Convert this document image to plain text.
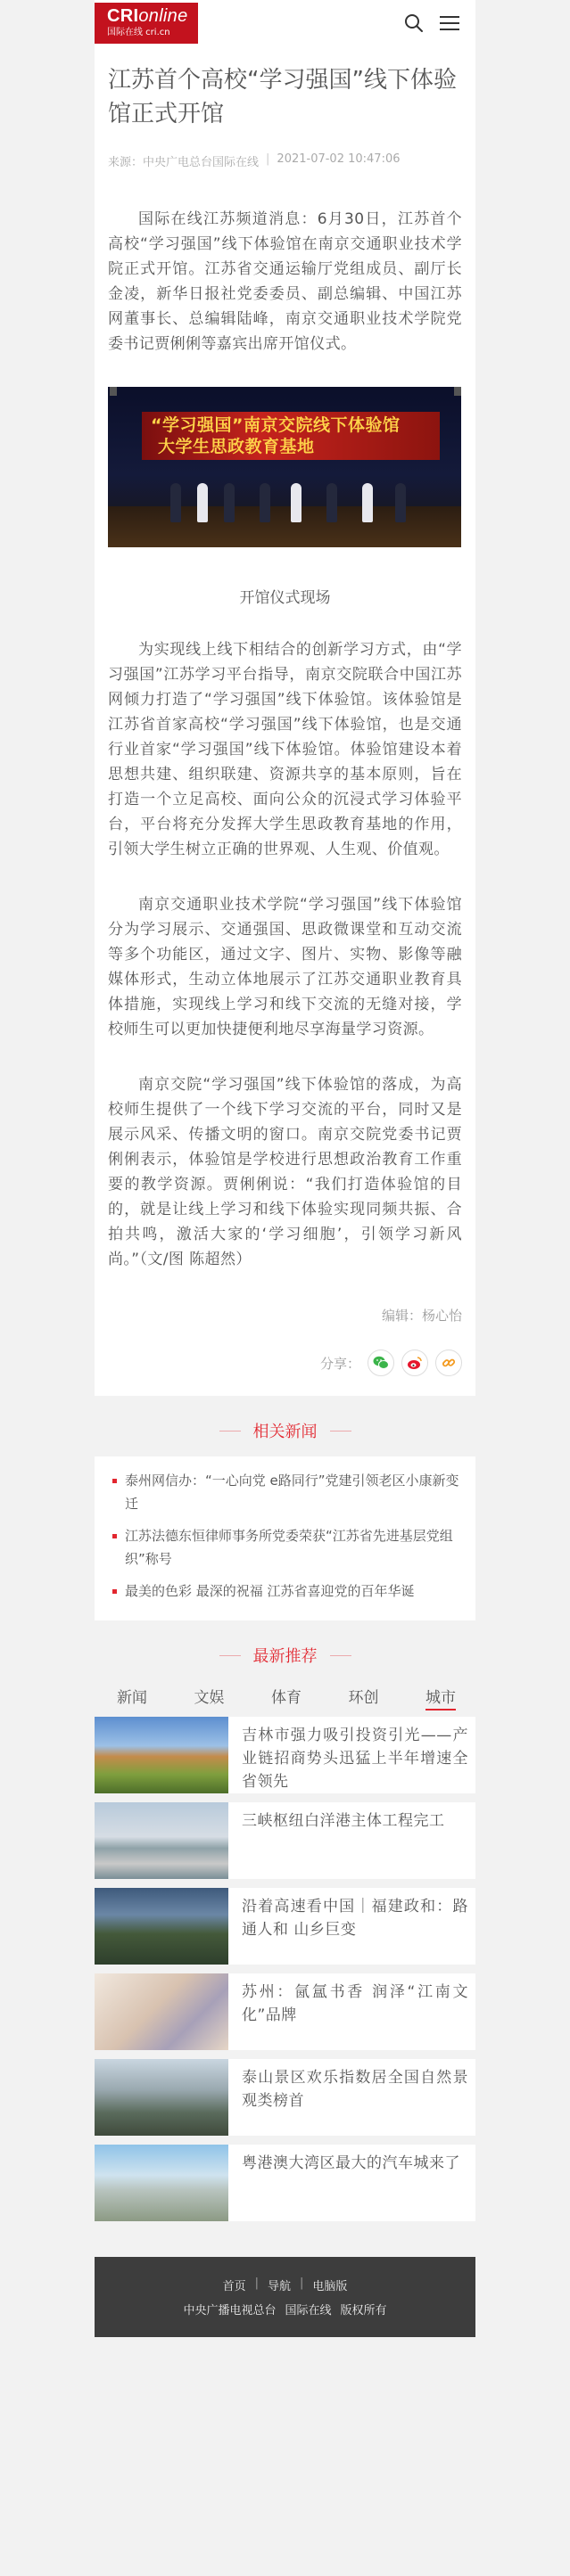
CRIonline
国际在线 cri.cn
江苏首个高校“学习强国”线下体验馆正式开馆
来源：中央广电总台国际在线 | 2021-07-02 10:47:06

国际在线江苏频道消息：6月30日，江苏首个高校“学习强国”线下体验馆在南京交通职业技术学院正式开馆。江苏省交通运输厅党组成员、副厅长金凌，新华日报社党委委员、副总编辑、中国江苏网董事长、总编辑陆峰，南京交通职业技术学院党委书记贾俐俐等嘉宾出席开馆仪式。

“学习强国”南京交院线下体验馆
大学生思政教育基地

开馆仪式现场

为实现线上线下相结合的创新学习方式，由“学习强国”江苏学习平台指导，南京交院联合中国江苏网倾力打造了“学习强国”线下体验馆。该体验馆是江苏省首家高校“学习强国”线下体验馆，也是交通行业首家“学习强国”线下体验馆。体验馆建设本着思想共建、组织联建、资源共享的基本原则，旨在打造一个立足高校、面向公众的沉浸式学习体验平台，平台将充分发挥大学生思政教育基地的作用，引领大学生树立正确的世界观、人生观、价值观。

南京交通职业技术学院“学习强国”线下体验馆分为学习展示、交通强国、思政微课堂和互动交流等多个功能区，通过文字、图片、实物、影像等融媒体形式，生动立体地展示了江苏交通职业教育具体措施，实现线上学习和线下交流的无缝对接，学校师生可以更加快捷便利地尽享海量学习资源。

南京交院“学习强国”线下体验馆的落成，为高校师生提供了一个线下学习交流的平台，同时又是展示风采、传播文明的窗口。南京交院党委书记贾俐俐表示，体验馆是学校进行思想政治教育工作重要的教学资源。贾俐俐说：“我们打造体验馆的目的，就是让线上学习和线下体验实现同频共振、合拍共鸣，激活大家的‘学习细胞’，引领学习新风尚。”（文/图 陈超然）

编辑：杨心怡

分享：
相关新闻
泰州网信办：“一心向党 e路同行”党建引领老区小康新变迁
江苏法德东恒律师事务所党委荣获“江苏省先进基层党组织”称号
最美的色彩 最深的祝福 江苏省喜迎党的百年华诞
最新推荐
新闻	文娱	体育	环创	城市
吉林市强力吸引投资引光——产业链招商势头迅猛上半年增速全省领先
三峡枢纽白洋港主体工程完工
沿着高速看中国｜福建政和：路通人和 山乡巨变
苏州：氤氲书香 润泽“江南文化”品牌
泰山景区欢乐指数居全国自然景观类榜首
粤港澳大湾区最大的汽车城来了
首页 | 导航 | 电脑版
中央广播电视总台 国际在线 版权所有
